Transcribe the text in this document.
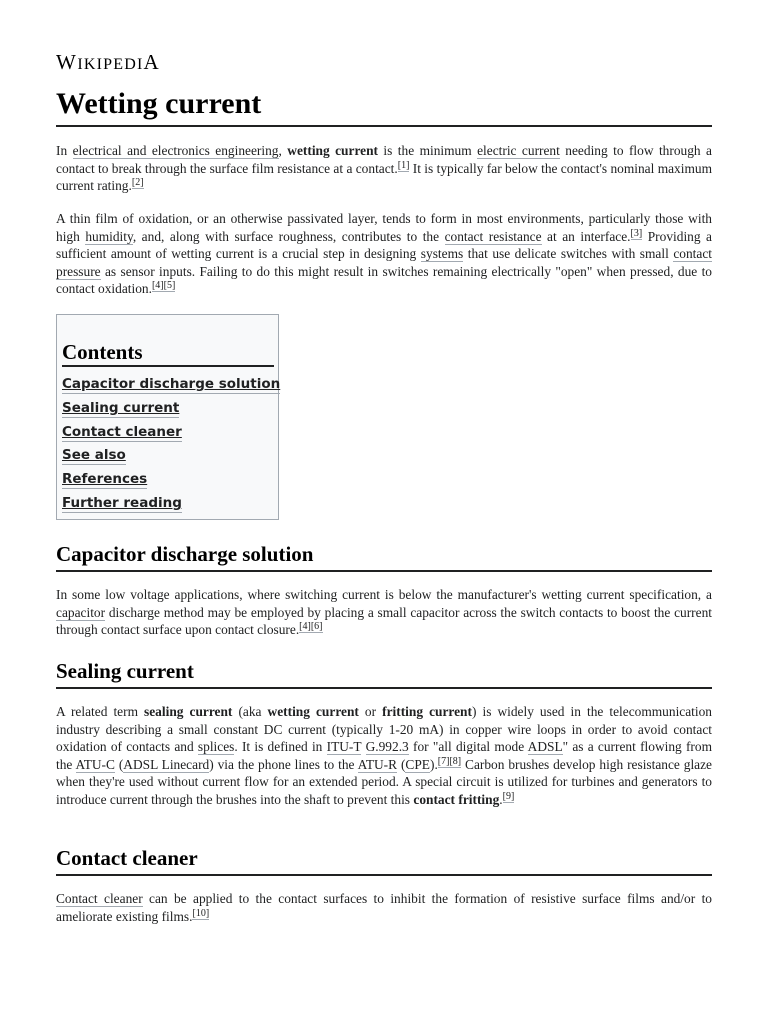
WIKIPEDIA
Wetting current

In electrical and electronics engineering, wetting current is the minimum electric current needing to flow through a contact to break through the surface film resistance at a contact.[1] It is typically far below the contact's nominal maximum current rating.[2]

A thin film of oxidation, or an otherwise passivated layer, tends to form in most environments, particularly those with high humidity, and, along with surface roughness, contributes to the contact resistance at an interface.[3] Providing a sufficient amount of wetting current is a crucial step in designing systems that use delicate switches with small contact pressure as sensor inputs. Failing to do this might result in switches remaining electrically "open" when pressed, due to contact oxidation.[4][5]

Contents
Capacitor discharge solution
Sealing current
Contact cleaner
See also
References
Further reading
Capacitor discharge solution

In some low voltage applications, where switching current is below the manufacturer's wetting current specification, a capacitor discharge method may be employed by placing a small capacitor across the switch contacts to boost the current through contact surface upon contact closure.[4][6]

Sealing current

A related term sealing current (aka wetting current or fritting current) is widely used in the telecommunication industry describing a small constant DC current (typically 1-20 mA) in copper wire loops in order to avoid contact oxidation of contacts and splices. It is defined in ITU-T G.992.3 for "all digital mode ADSL" as a current flowing from the ATU-C (ADSL Linecard) via the phone lines to the ATU-R (CPE).[7][8] Carbon brushes develop high resistance glaze when they're used without current flow for an extended period. A special circuit is utilized for turbines and generators to introduce current through the brushes into the shaft to prevent this contact fritting.[9]

Contact cleaner

Contact cleaner can be applied to the contact surfaces to inhibit the formation of resistive surface films and/or to ameliorate existing films.[10]
